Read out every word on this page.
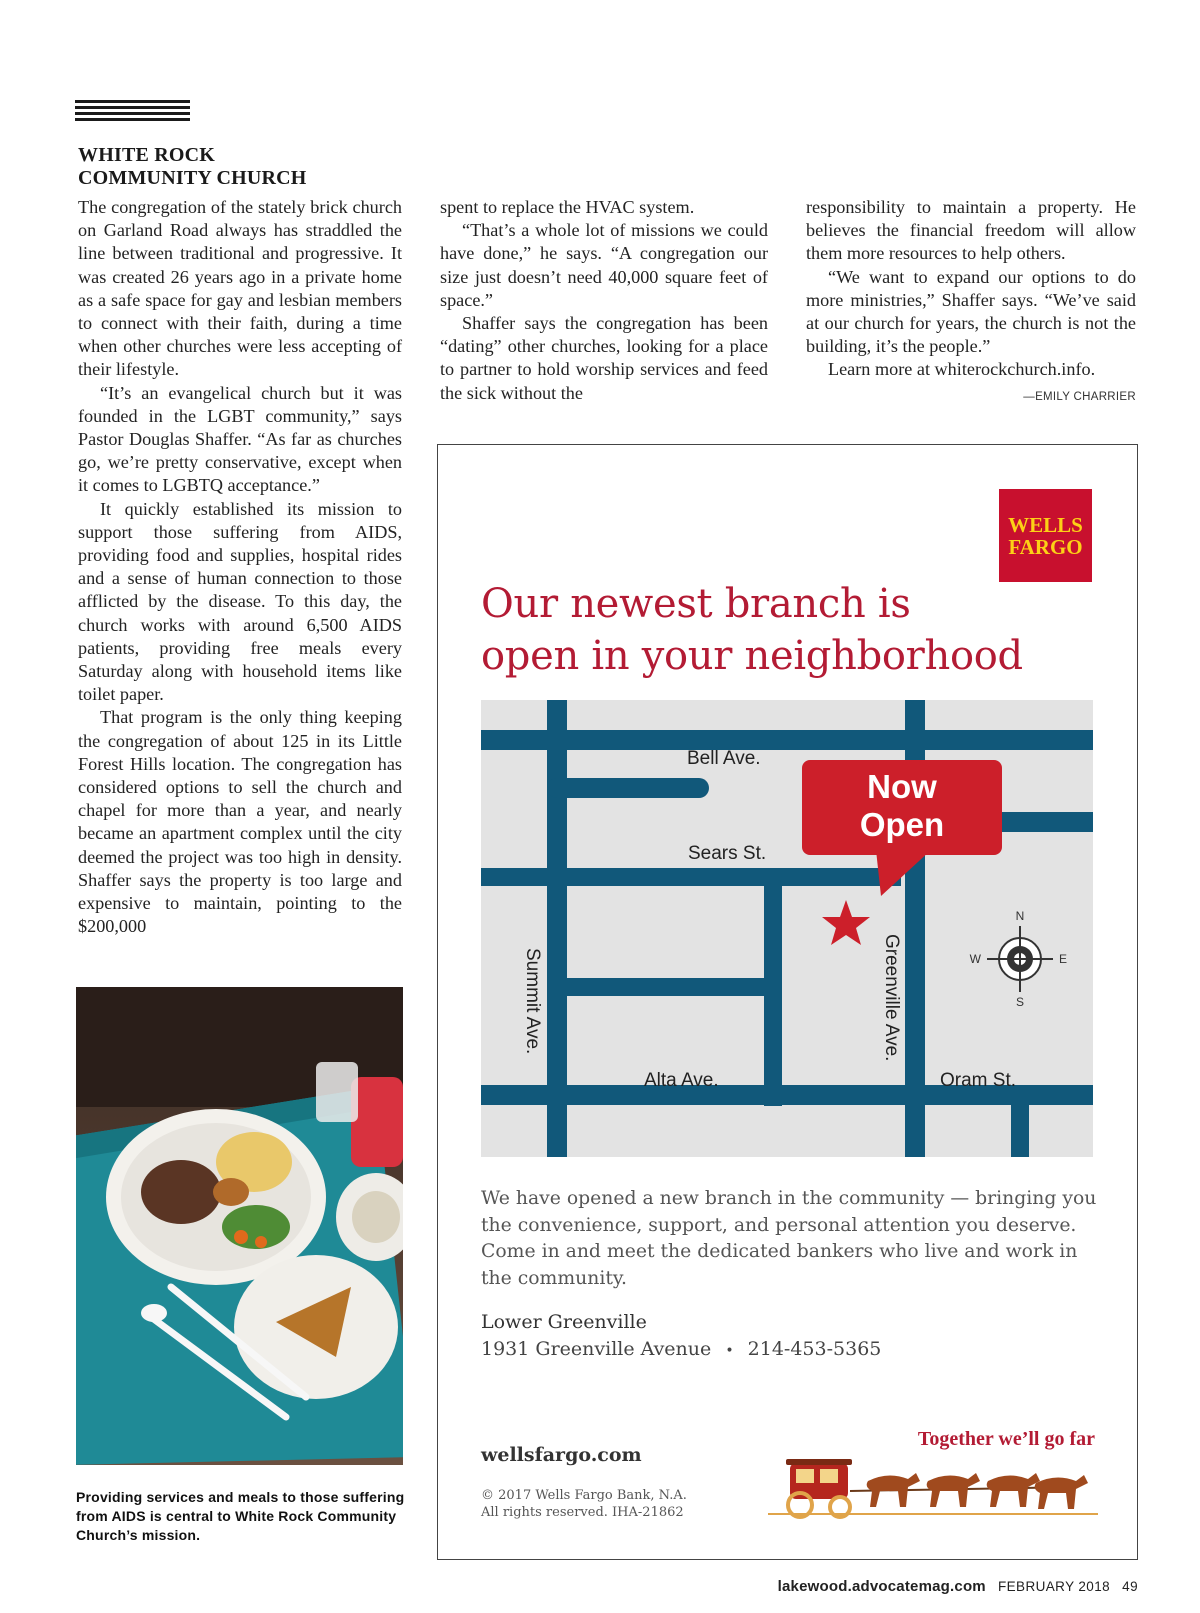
WHITE ROCK
COMMUNITY CHURCH

The congregation of the stately brick church on Garland Road always has straddled the line between traditional and progressive. It was created 26 years ago in a private home as a safe space for gay and lesbian members to connect with their faith, during a time when other churches were less accepting of their lifestyle.

“It’s an evangelical church but it was founded in the LGBT community,” says Pastor Douglas Shaffer. “As far as churches go, we’re pretty conservative, except when it comes to LGBTQ acceptance.”

It quickly established its mission to support those suffering from AIDS, providing food and supplies, hospital rides and a sense of human connection to those afflicted by the disease. To this day, the church works with around 6,500 AIDS patients, providing free meals every Saturday along with household items like toilet paper.

That program is the only thing keeping the congregation of about 125 in its Little Forest Hills location. The congregation has considered options to sell the church and chapel for more than a year, and nearly became an apartment complex until the city deemed the project was too high in density. Shaffer says the property is too large and expensive to maintain, pointing to the $200,000

spent to replace the HVAC system.

“That’s a whole lot of missions we could have done,” he says. “A congregation our size just doesn’t need 40,000 square feet of space.”

Shaffer says the congregation has been “dating” other churches, looking for a place to partner to hold worship services and feed the sick without the

responsibility to maintain a property. He believes the financial freedom will allow them more resources to help others.

“We want to expand our options to do more ministries,” Shaffer says. “We’ve said at our church for years, the church is not the building, it’s the people.”

Learn more at whiterockchurch.info.

—EMILY CHARRIER
Providing services and meals to those suffering from AIDS is central to White Rock Community Church’s mission.
WELLS
FARGO
Our newest branch is
open in your neighborhood
Bell Ave.
Sears St.
Alta Ave.	Oram St.
Summit Ave.	Greenville Ave.
Now
Open
N
S
W	E
We have opened a new branch in the community — bringing you the convenience, support, and personal attention you deserve. Come in and meet the dedicated bankers who live and work in the community.
Lower Greenville
1931 Greenville Avenue • 214-453-5365
wellsfargo.com
© 2017 Wells Fargo Bank, N.A.
All rights reserved. IHA-21862
Together we’ll go far
lakewood.advocatemag.com FEBRUARY 2018 49
